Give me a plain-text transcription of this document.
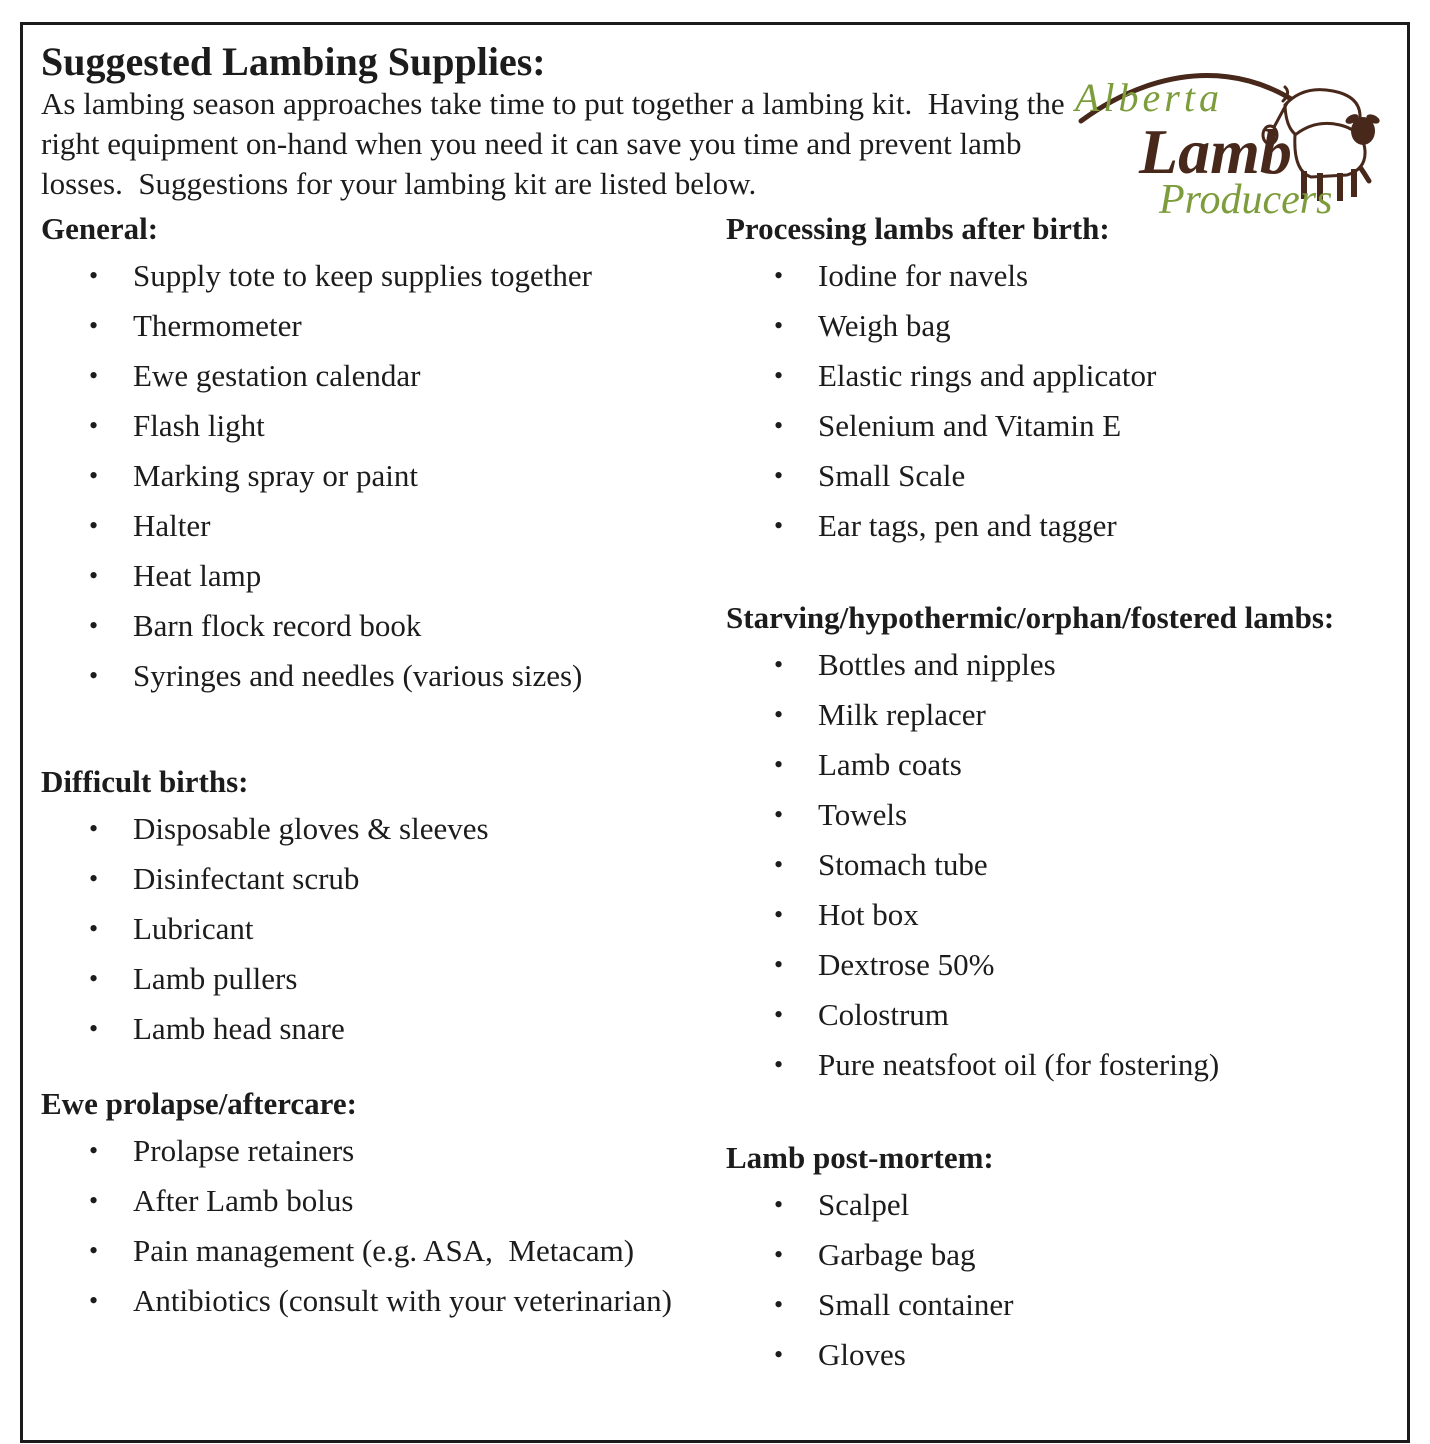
Suggested Lambing Supplies:
As lambing season approaches take time to put together a lambing kit.  Having the
right equipment on-hand when you need it can save you time and prevent lamb
losses.  Suggestions for your lambing kit are listed below.
Alberta
Lamb
Producers
General:
•	Supply tote to keep supplies together
•	Thermometer
•	Ewe gestation calendar
•	Flash light
•	Marking spray or paint
•	Halter
•	Heat lamp
•	Barn flock record book
•	Syringes and needles (various sizes)
Difficult births:
•	Disposable gloves & sleeves
•	Disinfectant scrub
•	Lubricant
•	Lamb pullers
•	Lamb head snare
Ewe prolapse/aftercare:
•	Prolapse retainers
•	After Lamb bolus
•	Pain management (e.g. ASA,  Metacam)
•	Antibiotics (consult with your veterinarian)
Processing lambs after birth:
•	Iodine for navels
•	Weigh bag
•	Elastic rings and applicator
•	Selenium and Vitamin E
•	Small Scale
•	Ear tags, pen and tagger
Starving/hypothermic/orphan/fostered lambs:
•	Bottles and nipples
•	Milk replacer
•	Lamb coats
•	Towels
•	Stomach tube
•	Hot box
•	Dextrose 50%
•	Colostrum
•	Pure neatsfoot oil (for fostering)
Lamb post-mortem:
•	Scalpel
•	Garbage bag
•	Small container
•	Gloves
